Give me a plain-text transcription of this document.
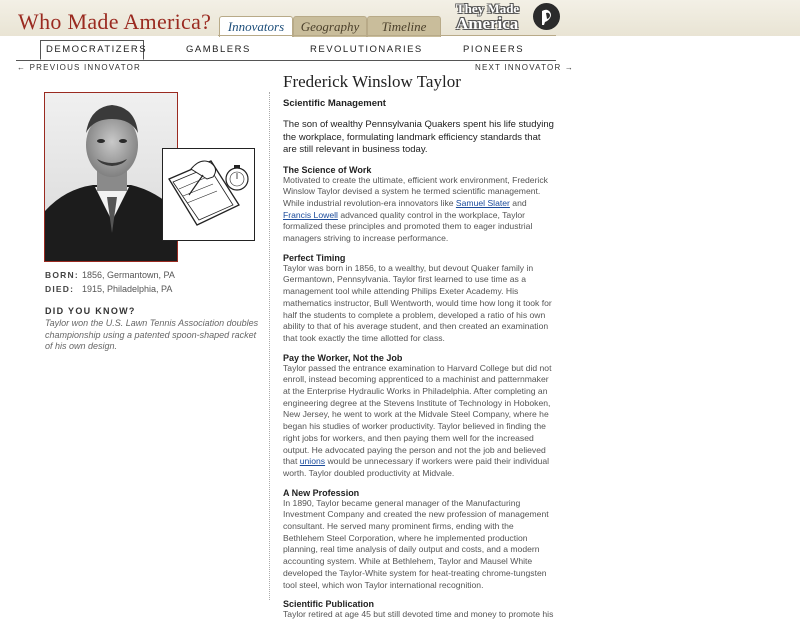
Who Made America?	Innovators	Geography	Timeline
They Made
America
DEMOCRATIZERS	GAMBLERS	REVOLUTIONARIES	PIONEERS
← PREVIOUS INNOVATOR	NEXT INNOVATOR →
BORN: 1856, Germantown, PA
DIED: 1915, Philadelphia, PA
DID YOU KNOW?
Taylor won the U.S. Lawn Tennis Association doubles championship using a patented spoon-shaped racket of his own design.
Frederick Winslow Taylor
Scientific Management

The son of wealthy Pennsylvania Quakers spent his life studying the workplace, formulating landmark efficiency standards that are still relevant in business today.

The Science of Work

Motivated to create the ultimate, efficient work environment, Frederick Winslow Taylor devised a system he termed scientific management. While industrial revolution-era innovators like Samuel Slater and Francis Lowell advanced quality control in the workplace, Taylor formalized these principles and promoted them to eager industrial managers striving to increase performance.

Perfect Timing

Taylor was born in 1856, to a wealthy, but devout Quaker family in Germantown, Pennsylvania. Taylor first learned to use time as a management tool while attending Philips Exeter Academy. His mathematics instructor, Bull Wentworth, would time how long it took for half the students to complete a problem, developed a ratio of his own ability to that of his average student, and then created an examination that took exactly the time allotted for class.

Pay the Worker, Not the Job

Taylor passed the entrance examination to Harvard College but did not enroll, instead becoming apprenticed to a machinist and patternmaker at the Enterprise Hydraulic Works in Philadelphia. After completing an engineering degree at the Stevens Institute of Technology in Hoboken, New Jersey, he went to work at the Midvale Steel Company, where he began his studies of worker productivity. Taylor believed in finding the right jobs for workers, and then paying them well for the increased output. He advocated paying the person and not the job and believed that unions would be unnecessary if workers were paid their individual worth. Taylor doubled productivity at Midvale.

A New Profession

In 1890, Taylor became general manager of the Manufacturing Investment Company and created the new profession of management consultant. He served many prominent firms, ending with the Bethlehem Steel Corporation, where he implemented production planning, real time analysis of daily output and costs, and a modern accounting system. While at Bethlehem, Taylor and Mausel White developed the Taylor-White system for heat-treating chrome-tungsten tool steel, which won Taylor international recognition.

Scientific Publication

Taylor retired at age 45 but still devoted time and money to promote his
